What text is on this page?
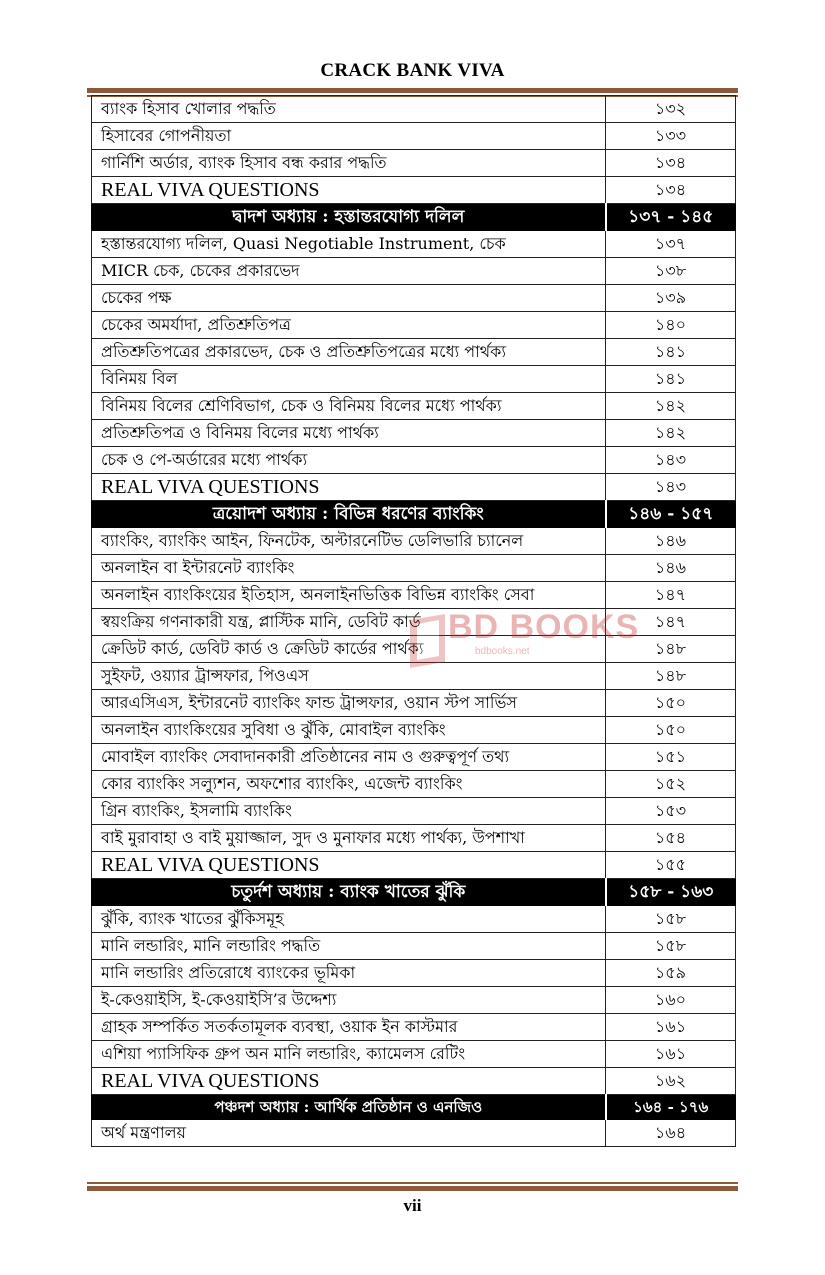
CRACK BANK VIVA
ব্যাংক হিসাব খোলার পদ্ধতি	১৩২
হিসাবের গোপনীয়তা	১৩৩
গার্নিশি অর্ডার, ব্যাংক হিসাব বন্ধ করার পদ্ধতি	১৩৪
REAL VIVA QUESTIONS	১৩৪
দ্বাদশ অধ্যায় : হস্তান্তরযোগ্য দলিল	১৩৭ - ১৪৫
হস্তান্তরযোগ্য দলিল, Quasi Negotiable Instrument, চেক	১৩৭
MICR চেক, চেকের প্রকারভেদ	১৩৮
চেকের পক্ষ	১৩৯
চেকের অমর্যাদা, প্রতিশ্রুতিপত্র	১৪০
প্রতিশ্রুতিপত্রের প্রকারভেদ, চেক ও প্রতিশ্রুতিপত্রের মধ্যে পার্থক্য	১৪১
বিনিময় বিল	১৪১
বিনিময় বিলের শ্রেণিবিভাগ, চেক ও বিনিময় বিলের মধ্যে পার্থক্য	১৪২
প্রতিশ্রুতিপত্র ও বিনিময় বিলের মধ্যে পার্থক্য	১৪২
চেক ও পে-অর্ডারের মধ্যে পার্থক্য	১৪৩
REAL VIVA QUESTIONS	১৪৩
ত্রয়োদশ অধ্যায় : বিভিন্ন ধরণের ব্যাংকিং	১৪৬ - ১৫৭
ব্যাংকিং, ব্যাংকিং আইন, ফিনটেক, অল্টারনেটিভ ডেলিভারি চ্যানেল	১৪৬
অনলাইন বা ইন্টারনেট ব্যাংকিং	১৪৬
অনলাইন ব্যাংকিংয়ের ইতিহাস, অনলাইনভিত্তিক বিভিন্ন ব্যাংকিং সেবা	১৪৭
স্বয়ংক্রিয় গণনাকারী যন্ত্র, প্লাস্টিক মানি, ডেবিট কার্ড	১৪৭
ক্রেডিট কার্ড, ডেবিট কার্ড ও ক্রেডিট কার্ডের পার্থক্য	১৪৮
সুইফট, ওয়্যার ট্রান্সফার, পিওএস	১৪৮
আরএসিএস, ইন্টারনেট ব্যাংকিং ফান্ড ট্রান্সফার, ওয়ান স্টপ সার্ভিস	১৫০
অনলাইন ব্যাংকিংয়ের সুবিধা ও ঝুঁকি, মোবাইল ব্যাংকিং	১৫০
মোবাইল ব্যাংকিং সেবাদানকারী প্রতিষ্ঠানের নাম ও গুরুত্বপূর্ণ তথ্য	১৫১
কোর ব্যাংকিং সল্যুশন, অফশোর ব্যাংকিং, এজেন্ট ব্যাংকিং	১৫২
গ্রিন ব্যাংকিং, ইসলামি ব্যাংকিং	১৫৩
বাই মুরাবাহা ও বাই মুয়াজ্জাল, সুদ ও মুনাফার মধ্যে পার্থক্য, উপশাখা	১৫৪
REAL VIVA QUESTIONS	১৫৫
চতুর্দশ অধ্যায় : ব্যাংক খাতের ঝুঁকি	১৫৮ - ১৬৩
ঝুঁকি, ব্যাংক খাতের ঝুঁকিসমূহ	১৫৮
মানি লন্ডারিং, মানি লন্ডারিং পদ্ধতি	১৫৮
মানি লন্ডারিং প্রতিরোধে ব্যাংকের ভূমিকা	১৫৯
ই-কেওয়াইসি, ই-কেওয়াইসি’র উদ্দেশ্য	১৬০
গ্রাহক সম্পর্কিত সতর্কতামূলক ব্যবস্থা, ওয়াক ইন কাস্টমার	১৬১
এশিয়া প্যাসিফিক গ্রুপ অন মানি লন্ডারিং, ক্যামেলস রেটিং	১৬১
REAL VIVA QUESTIONS	১৬২
পঞ্চদশ অধ্যায় : আর্থিক প্রতিষ্ঠান ও এনজিও	১৬৪ - ১৭৬
অর্থ মন্ত্রণালয়	১৬৪
BD BOOKS
bdbooks.net
vii
